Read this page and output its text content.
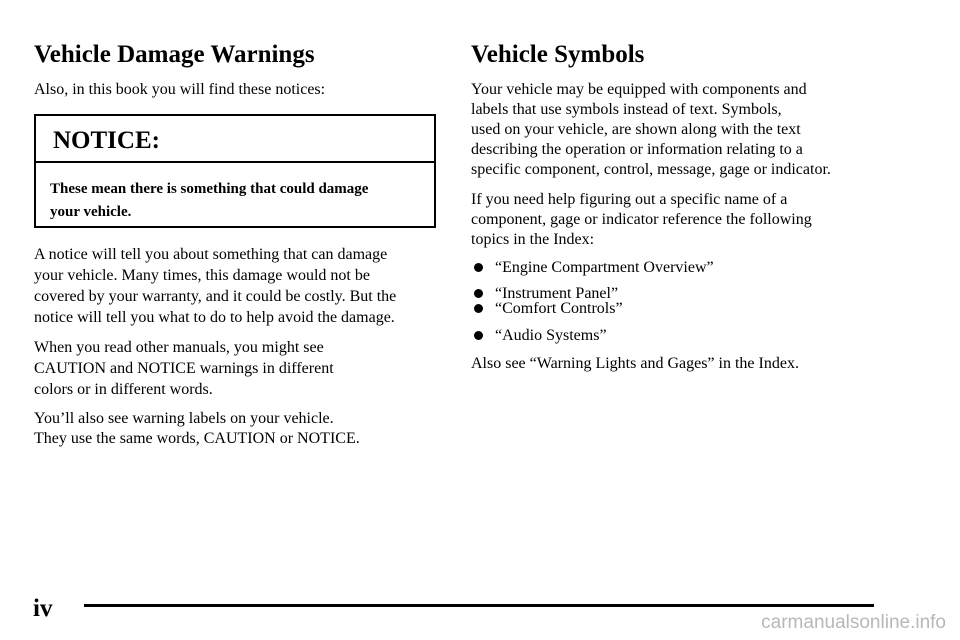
Vehicle Damage Warnings

Also, in this book you will find these notices:

NOTICE:
These mean there is something that could damage
your vehicle.

A notice will tell you about something that can damage

your vehicle. Many times, this damage would not be

covered by your warranty, and it could be costly. But the

notice will tell you what to do to help avoid the damage.

When you read other manuals, you might see

CAUTION and NOTICE warnings in different

colors or in different words.

You’ll also see warning labels on your vehicle.

They use the same words, CAUTION or NOTICE.

Vehicle Symbols

Your vehicle may be equipped with components and

labels that use symbols instead of text. Symbols,

used on your vehicle, are shown along with the text

describing the operation or information relating to a

specific component, control, message, gage or indicator.

If you need help figuring out a specific name of a

component, gage or indicator reference the following

topics in the Index:

“Engine Compartment Overview”
“Instrument Panel”
“Comfort Controls”
“Audio Systems”

Also see “Warning Lights and Gages” in the Index.

iv
carmanualsonline.info
